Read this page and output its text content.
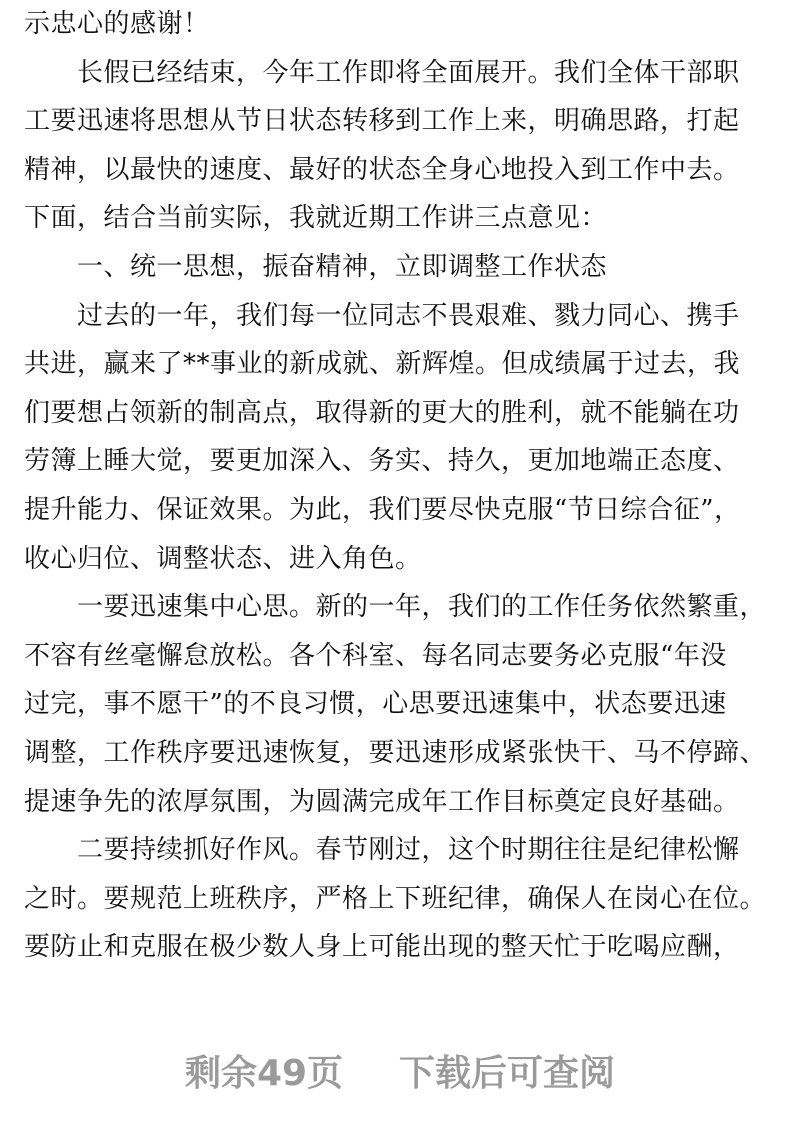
示忠心的感谢！
长假已经结束，今年工作即将全面展开。我们全体干部职
工要迅速将思想从节日状态转移到工作上来，明确思路，打起
精神，以最快的速度、最好的状态全身心地投入到工作中去。
下面，结合当前实际，我就近期工作讲三点意见：
一、统一思想，振奋精神，立即调整工作状态
过去的一年，我们每一位同志不畏艰难、戮力同心、携手
共进，赢来了**事业的新成就、新辉煌。但成绩属于过去，我
们要想占领新的制高点，取得新的更大的胜利，就不能躺在功
劳簿上睡大觉，要更加深入、务实、持久，更加地端正态度、
提升能力、保证效果。为此，我们要尽快克服“节日综合征”，
收心归位、调整状态、进入角色。
一要迅速集中心思。新的一年，我们的工作任务依然繁重，
不容有丝毫懈怠放松。各个科室、每名同志要务必克服“年没
过完，事不愿干”的不良习惯，心思要迅速集中，状态要迅速
调整，工作秩序要迅速恢复，要迅速形成紧张快干、马不停蹄、
提速争先的浓厚氛围，为圆满完成年工作目标奠定良好基础。
二要持续抓好作风。春节刚过，这个时期往往是纪律松懈
之时。要规范上班秩序，严格上下班纪律，确保人在岗心在位。
要防止和克服在极少数人身上可能出现的整天忙于吃喝应酬，
剩余49页 下载后可查阅
